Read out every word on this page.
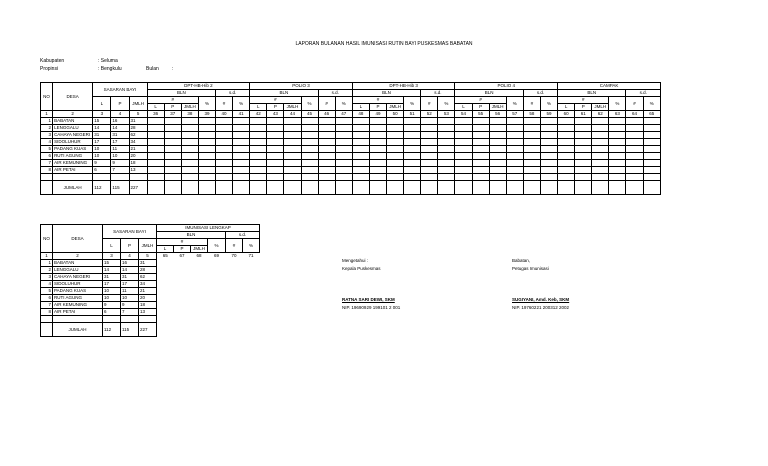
LAPORAN BULANAN HASIL IMUNISASI RUTIN BAYI PUSKESMAS BABATAN
Kabupaten	: Seluma
Propinsi	: Bengkulu	Bulan	:
NO	DESA	SASARAN BAYI			DPT-HB-Hib 2						POLIO 3						DPT-HB-Hib 3						POLIO 4						CAMPAK					
					BLN				s.d.		BLN				s.d.		BLN				s.d.		BLN				s.d.		BLN				s.d.	
		L	P	JMLH	#			%	#	%	#			%	#	%	#			%	#	%	#			%	#	%	#			%	#	%
					L	P	JMLH				L	P	JMLH				L	P	JMLH				L	P	JMLH				L	P	JMLH			
1	2	3	4	5	36	37	38	39	40	41	42	43	44	45	46	47	48	49	50	51	52	53	54	55	56	57	58	59	60	61	62	63	64	65
1	BABATAN	15	16	31																														
2	LENGGALU	14	14	28																														
3	CAHAYA NEGERI	31	31	62																														
4	SIDOLUHUR	17	17	34																														
5	PADANG KUAS	10	11	21																														
6	RUTI AGUNG	10	10	20																														
7	AIR KEMUNING	9	9	18																														
8	AIR PETAI	6	7	13																														

	JUMLAH	112	115	227																														
NO	DESA	SASARAN BAYI			IMUNISASI LENGKAP					
					BLN				s.d.	
		L	P	JMLH	#			%	#	%
					L	P	JMLH			
1	2	3	4	5	65	67	68	69	70	71
1	BABATAN	15	16	31						
2	LENGGALU	14	14	28						
3	CAHAYA NEGERI	31	31	62						
4	SIDOLUHUR	17	17	34						
5	PADANG KUAS	10	11	21						
6	RUTI AGUNG	10	10	20						
7	AIR KEMUNING	9	9	18						
8	AIR PETAI	6	7	13						

	JUMLAH	112	115	227						
Mengetahui :
Kepala Puskesmas
RATNA SARI DEWI, SKM
NIP. 19690929 199101 2 001
Babatan,
Petugas Imunisasi
SUGIYANI, Amd. Keb, SKM
NIP. 19760221 200312 2002
